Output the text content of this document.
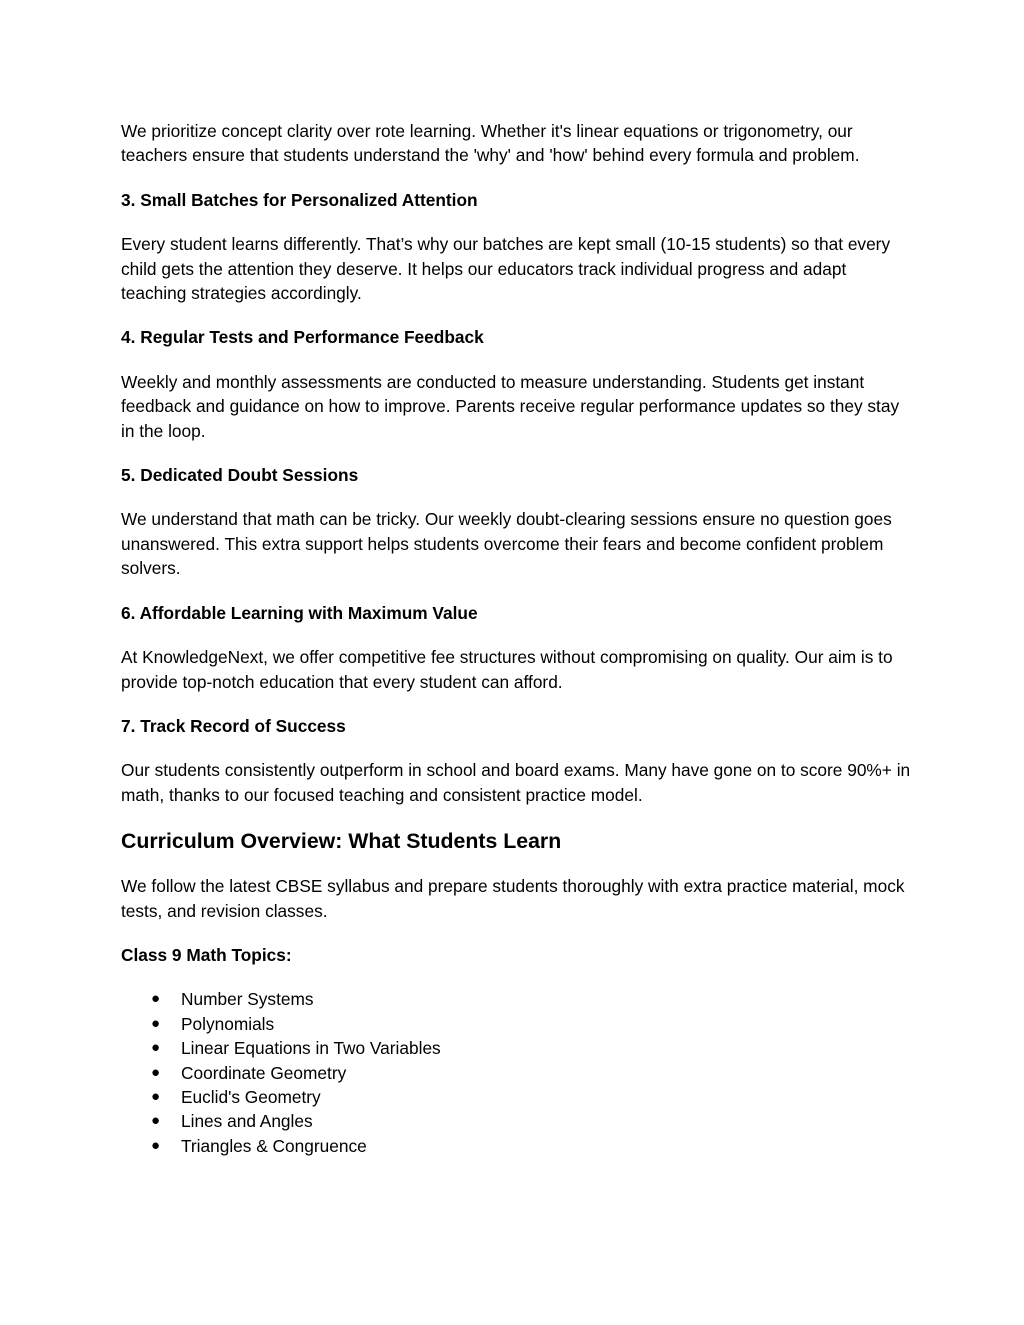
We prioritize concept clarity over rote learning. Whether it's linear equations or trigonometry, our teachers ensure that students understand the 'why' and 'how' behind every formula and problem.

3. Small Batches for Personalized Attention

Every student learns differently. That’s why our batches are kept small (10-15 students) so that every child gets the attention they deserve. It helps our educators track individual progress and adapt teaching strategies accordingly.

4. Regular Tests and Performance Feedback

Weekly and monthly assessments are conducted to measure understanding. Students get instant feedback and guidance on how to improve. Parents receive regular performance updates so they stay in the loop.

5. Dedicated Doubt Sessions

We understand that math can be tricky. Our weekly doubt-clearing sessions ensure no question goes unanswered. This extra support helps students overcome their fears and become confident problem solvers.

6. Affordable Learning with Maximum Value

At KnowledgeNext, we offer competitive fee structures without compromising on quality. Our aim is to provide top-notch education that every student can afford.

7. Track Record of Success

Our students consistently outperform in school and board exams. Many have gone on to score 90%+ in math, thanks to our focused teaching and consistent practice model.

Curriculum Overview: What Students Learn

We follow the latest CBSE syllabus and prepare students thoroughly with extra practice material, mock tests, and revision classes.

Class 9 Math Topics:

● Number Systems
● Polynomials
● Linear Equations in Two Variables
● Coordinate Geometry
● Euclid's Geometry
● Lines and Angles
● Triangles & Congruence
